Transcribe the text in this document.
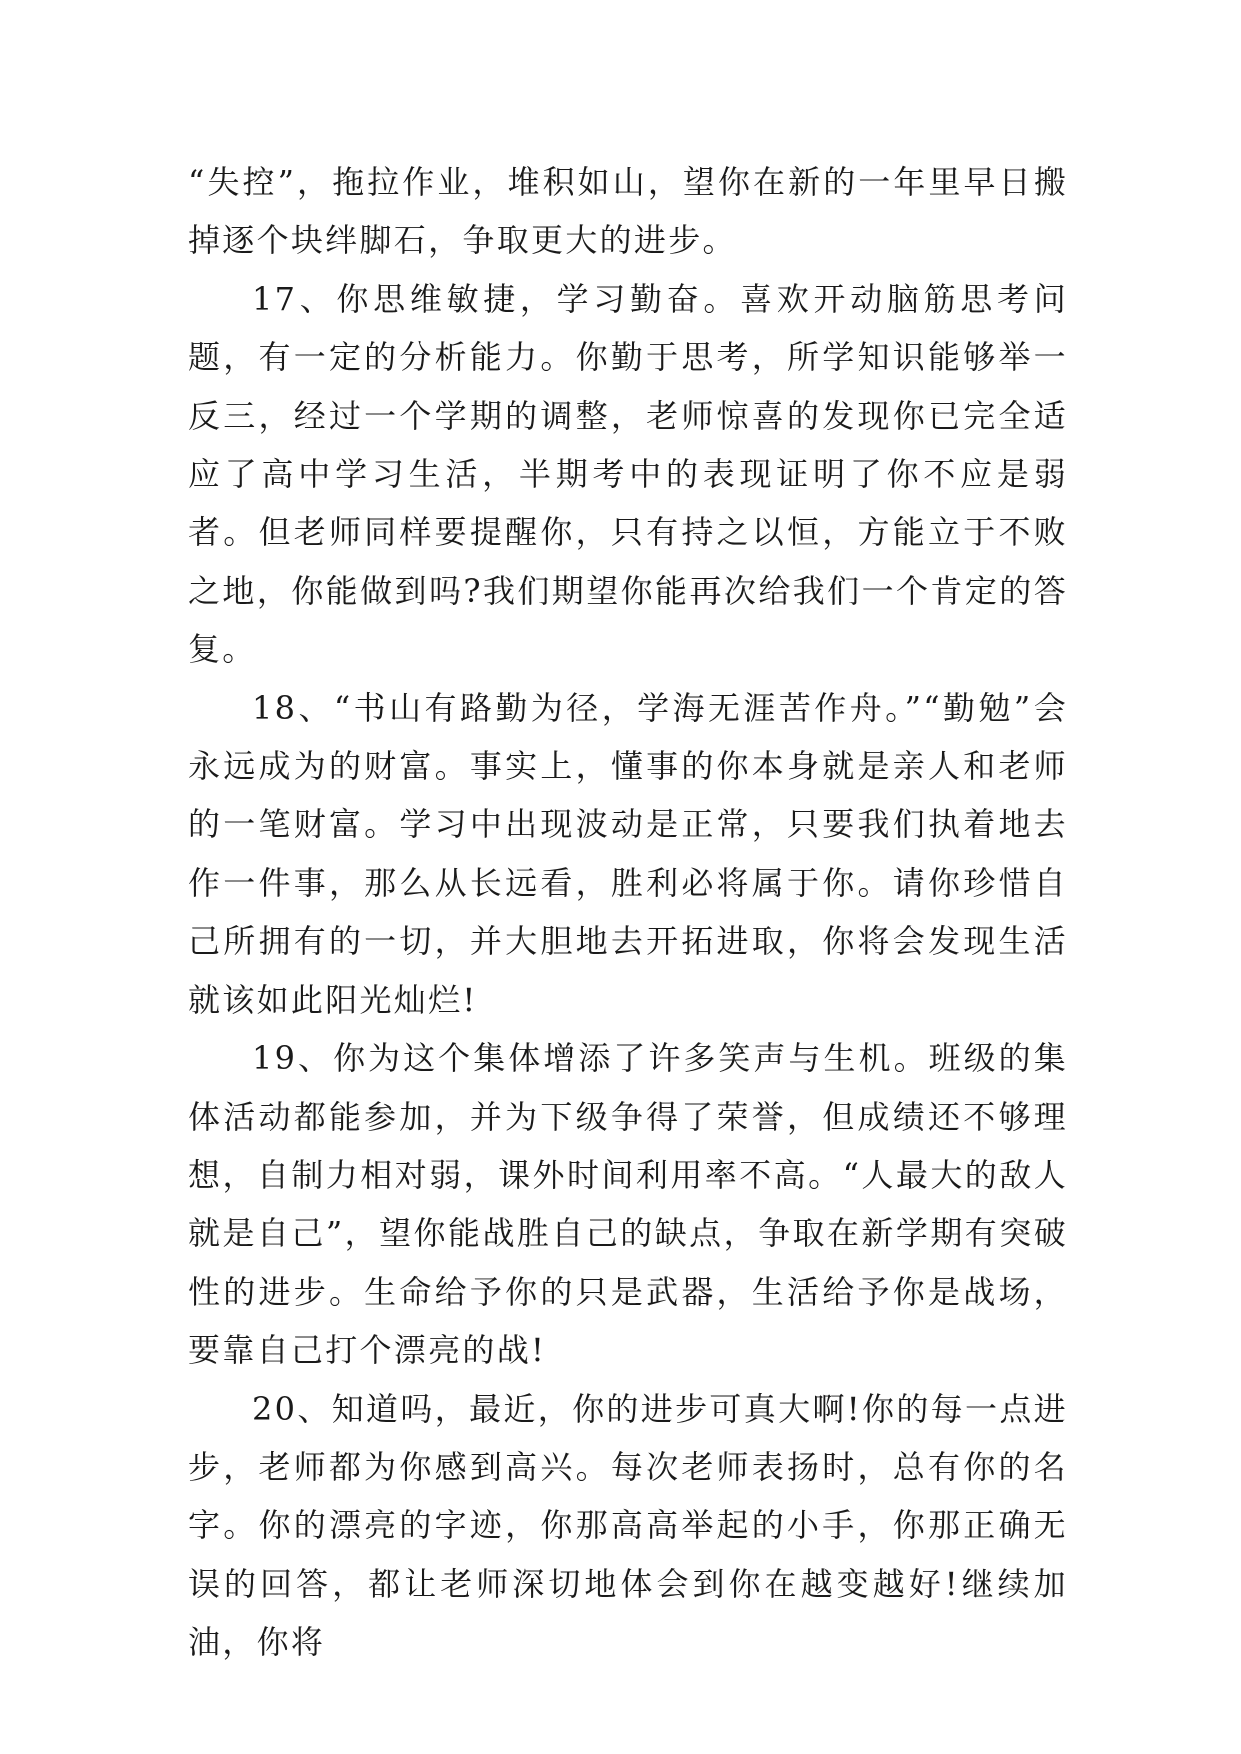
“失控”，拖拉作业，堆积如山，望你在新的一年里早日搬掉逐个块绊脚石，争取更大的进步。

17、你思维敏捷，学习勤奋。喜欢开动脑筋思考问题，有一定的分析能力。你勤于思考，所学知识能够举一反三，经过一个学期的调整，老师惊喜的发现你已完全适应了高中学习生活，半期考中的表现证明了你不应是弱者。但老师同样要提醒你，只有持之以恒，方能立于不败之地，你能做到吗?我们期望你能再次给我们一个肯定的答复。

18、“书山有路勤为径，学海无涯苦作舟。”“勤勉”会永远成为的财富。事实上，懂事的你本身就是亲人和老师的一笔财富。学习中出现波动是正常，只要我们执着地去作一件事，那么从长远看，胜利必将属于你。请你珍惜自己所拥有的一切，并大胆地去开拓进取，你将会发现生活就该如此阳光灿烂!

19、你为这个集体增添了许多笑声与生机。班级的集体活动都能参加，并为下级争得了荣誉，但成绩还不够理想，自制力相对弱，课外时间利用率不高。“人最大的敌人就是自己”，望你能战胜自己的缺点，争取在新学期有突破性的进步。生命给予你的只是武器，生活给予你是战场，要靠自己打个漂亮的战!

20、知道吗，最近，你的进步可真大啊!你的每一点进步，老师都为你感到高兴。每次老师表扬时，总有你的名字。你的漂亮的字迹，你那高高举起的小手，你那正确无误的回答，都让老师深切地体会到你在越变越好!继续加油，你将
